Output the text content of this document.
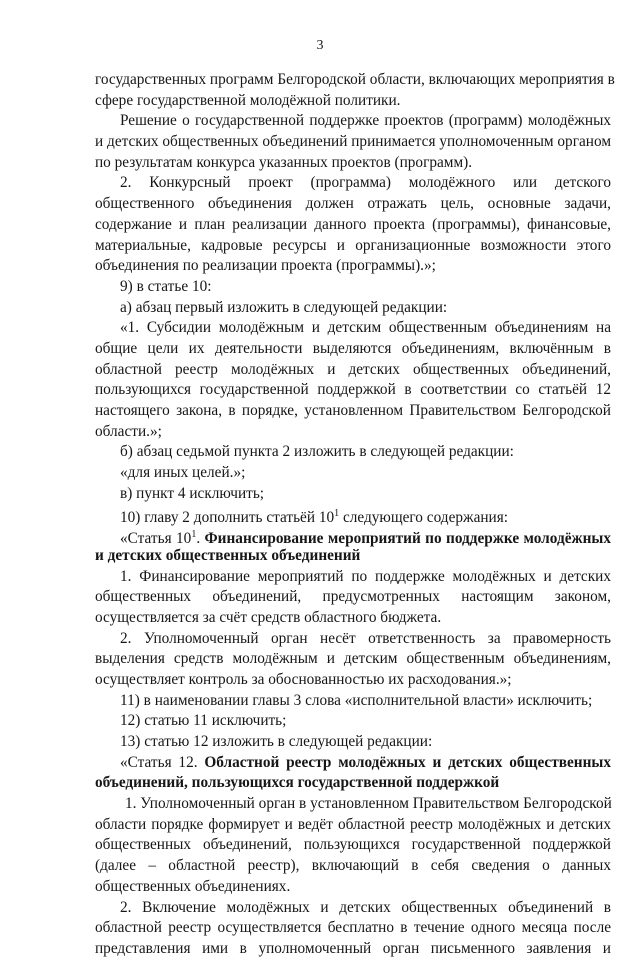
3
государственных программ Белгородской области, включающих мероприятия в
сфере государственной молодёжной политики.
Решение о государственной поддержке проектов (программ) молодёжных
и детских общественных объединений принимается уполномоченным органом
по результатам конкурса указанных проектов (программ).
2. Конкурсный проект (программа) молодёжного или детского
общественного объединения должен отражать цель, основные задачи,
содержание и план реализации данного проекта (программы), финансовые,
материальные, кадровые ресурсы и организационные возможности этого
объединения по реализации проекта (программы).»;
9) в статье 10:
а) абзац первый изложить в следующей редакции:
«1. Субсидии молодёжным и детским общественным объединениям на
общие цели их деятельности выделяются объединениям, включённым в
областной реестр молодёжных и детских общественных объединений,
пользующихся государственной поддержкой в соответствии со статьёй 12
настоящего закона, в порядке, установленном Правительством Белгородской
области.»;
б) абзац седьмой пункта 2 изложить в следующей редакции:
«для иных целей.»;
в) пункт 4 исключить;
10) главу 2 дополнить статьёй $10^1$ следующего содержания:
«Статья $10^1$. Финансирование мероприятий по поддержке молодёжных
и детских общественных объединений
1. Финансирование мероприятий по поддержке молодёжных и детских
общественных объединений, предусмотренных настоящим законом,
осуществляется за счёт средств областного бюджета.
2. Уполномоченный орган несёт ответственность за правомерность
выделения средств молодёжным и детским общественным объединениям,
осуществляет контроль за обоснованностью их расходования.»;
11) в наименовании главы 3 слова «исполнительной власти» исключить;
12) статью 11 исключить;
13) статью 12 изложить в следующей редакции:
«Статья 12. Областной реестр молодёжных и детских общественных
объединений, пользующихся государственной поддержкой
1. Уполномоченный орган в установленном Правительством Белгородской
области порядке формирует и ведёт областной реестр молодёжных и детских
общественных объединений, пользующихся государственной поддержкой
(далее – областной реестр), включающий в себя сведения о данных
общественных объединениях.
2. Включение молодёжных и детских общественных объединений в
областной реестр осуществляется бесплатно в течение одного месяца после
представления ими в уполномоченный орган письменного заявления и
